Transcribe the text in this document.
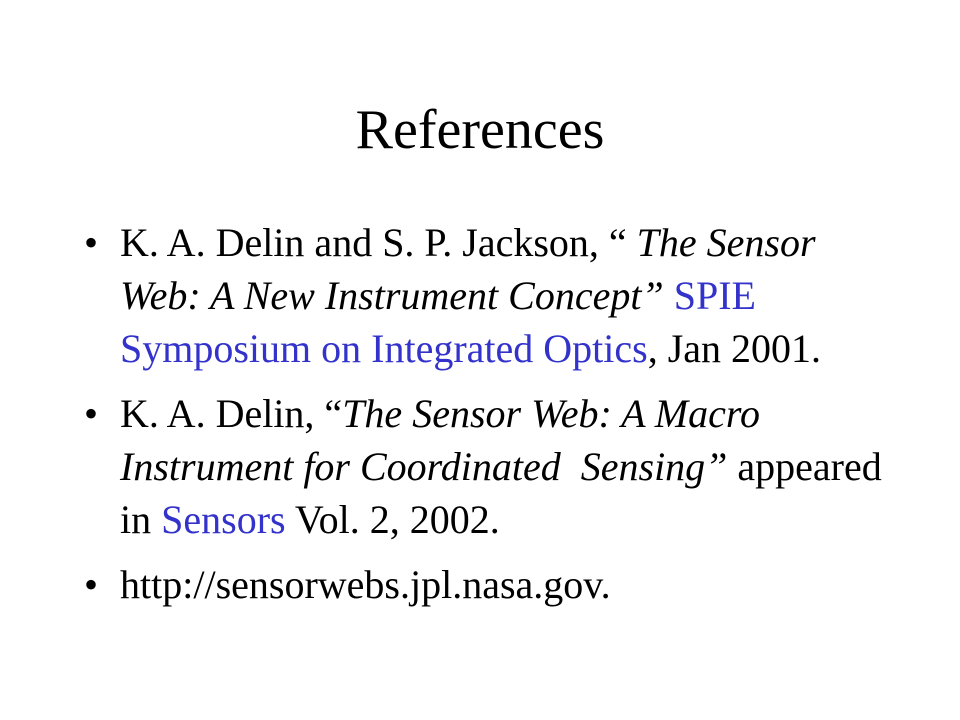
References
• K. A. Delin and S. P. Jackson, “ The Sensor Web: A New Instrument Concept” SPIE Symposium on Integrated Optics, Jan 2001.
• K. A. Delin, “The Sensor Web: A Macro Instrument for Coordinated  Sensing” appeared in Sensors Vol. 2, 2002.
• http://sensorwebs.jpl.nasa.gov.
